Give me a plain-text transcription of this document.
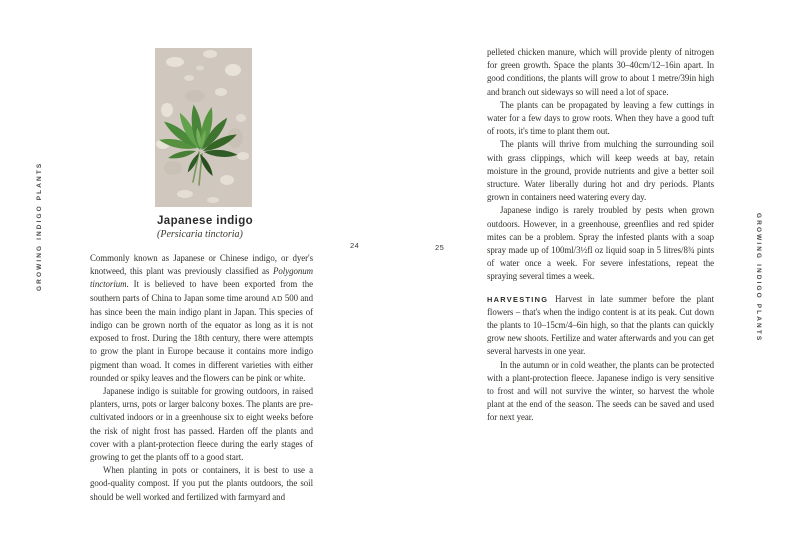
GROWING INDIGO PLANTS	Japanese indigo
(Persicaria tinctoria)
24	25

Commonly known as Japanese or Chinese indigo, or dyer's knotweed, this plant was previously classified as Polygonum tinctorium. It is believed to have been exported from the southern parts of China to Japan some time around AD 500 and has since been the main indigo plant in Japan. This species of indigo can be grown north of the equator as long as it is not exposed to frost. During the 18th century, there were attempts to grow the plant in Europe because it contains more indigo pigment than woad. It comes in different varieties with either rounded or spiky leaves and the flowers can be pink or white.

Japanese indigo is suitable for growing outdoors, in raised planters, urns, pots or larger balcony boxes. The plants are pre-cultivated indoors or in a greenhouse six to eight weeks before the risk of night frost has passed. Harden off the plants and cover with a plant-protection fleece during the early stages of growing to get the plants off to a good start.

When planting in pots or containers, it is best to use a good-quality compost. If you put the plants outdoors, the soil should be well worked and fertilized with farmyard and

pelleted chicken manure, which will provide plenty of nitrogen for green growth. Space the plants 30–40cm/12–16in apart. In good conditions, the plants will grow to about 1 metre/39in high and branch out sideways so will need a lot of space.

The plants can be propagated by leaving a few cuttings in water for a few days to grow roots. When they have a good tuft of roots, it's time to plant them out.

The plants will thrive from mulching the surrounding soil with grass clippings, which will keep weeds at bay, retain moisture in the ground, provide nutrients and give a better soil structure. Water liberally during hot and dry periods. Plants grown in containers need watering every day.

Japanese indigo is rarely troubled by pests when grown outdoors. However, in a greenhouse, greenflies and red spider mites can be a problem. Spray the infested plants with a soap spray made up of 100ml/3½fl oz liquid soap in 5 litres/8¾ pints of water once a week. For severe infestations, repeat the spraying several times a week.

HARVESTING Harvest in late summer before the plant flowers – that's when the indigo content is at its peak. Cut down the plants to 10–15cm/4–6in high, so that the plants can quickly grow new shoots. Fertilize and water afterwards and you can get several harvests in one year.

In the autumn or in cold weather, the plants can be protected with a plant-protection fleece. Japanese indigo is very sensitive to frost and will not survive the winter, so harvest the whole plant at the end of the season. The seeds can be saved and used for next year.

GROWING INDIGO PLANTS
